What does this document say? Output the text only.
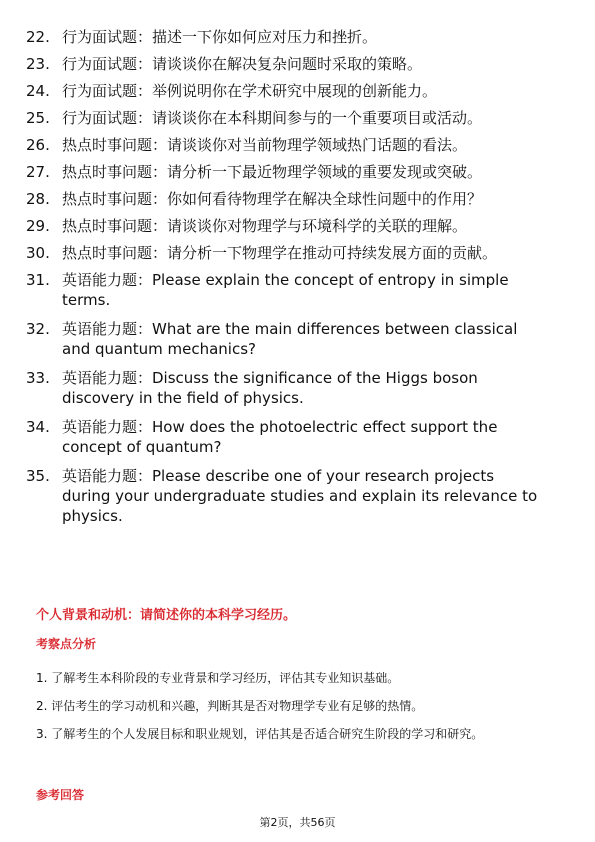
22. 行为面试题：描述一下你如何应对压力和挫折。
23. 行为面试题：请谈谈你在解决复杂问题时采取的策略。
24. 行为面试题：举例说明你在学术研究中展现的创新能力。
25. 行为面试题：请谈谈你在本科期间参与的一个重要项目或活动。
26. 热点时事问题：请谈谈你对当前物理学领域热门话题的看法。
27. 热点时事问题：请分析一下最近物理学领域的重要发现或突破。
28. 热点时事问题：你如何看待物理学在解决全球性问题中的作用？
29. 热点时事问题：请谈谈你对物理学与环境科学的关联的理解。
30. 热点时事问题：请分析一下物理学在推动可持续发展方面的贡献。
31. 英语能力题：Please explain the concept of entropy in simple terms.
32. 英语能力题：What are the main differences between classical and quantum mechanics?
33. 英语能力题：Discuss the significance of the Higgs boson discovery in the field of physics.
34. 英语能力题：How does the photoelectric effect support the concept of quantum?
35. 英语能力题：Please describe one of your research projects during your undergraduate studies and explain its relevance to physics.
个人背景和动机：请简述你的本科学习经历。
考察点分析
1. 了解考生本科阶段的专业背景和学习经历，评估其专业知识基础。
2. 评估考生的学习动机和兴趣，判断其是否对物理学专业有足够的热情。
3. 了解考生的个人发展目标和职业规划，评估其是否适合研究生阶段的学习和研究。
参考回答
第2页，共56页
